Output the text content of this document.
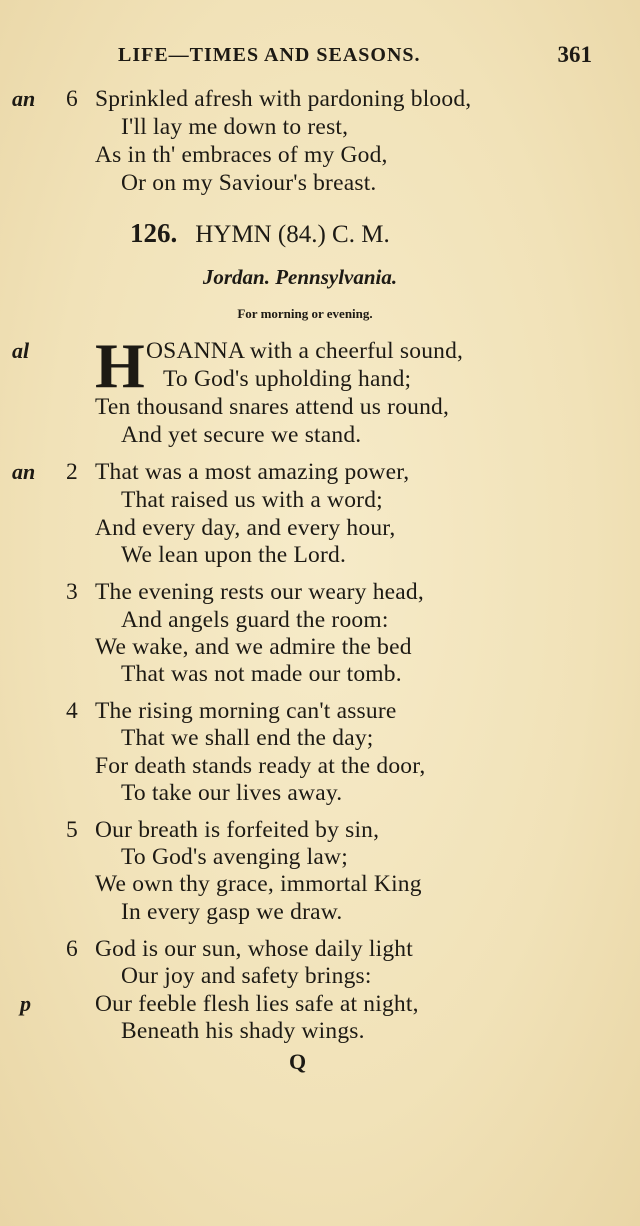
LIFE—TIMES AND SEASONS.	361
an 6 Sprinkled afresh with pardoning blood,
I'll lay me down to rest,
As in th' embraces of my God,
Or on my Saviour's breast.
126. HYMN (84.) C. M.
Jordan. Pennsylvania.
For morning or evening.
al H OSANNA with a cheerful sound,
To God's upholding hand;
Ten thousand snares attend us round,
And yet secure we stand.
an 2 That was a most amazing power,
That raised us with a word;
And every day, and every hour,
We lean upon the Lord.
3 The evening rests our weary head,
And angels guard the room:
We wake, and we admire the bed
That was not made our tomb.
4 The rising morning can't assure
That we shall end the day;
For death stands ready at the door,
To take our lives away.
5 Our breath is forfeited by sin,
To God's avenging law;
We own thy grace, immortal King
In every gasp we draw.
6 God is our sun, whose daily light
Our joy and safety brings:
p	Our feeble flesh lies safe at night,
Beneath his shady wings.
Q
